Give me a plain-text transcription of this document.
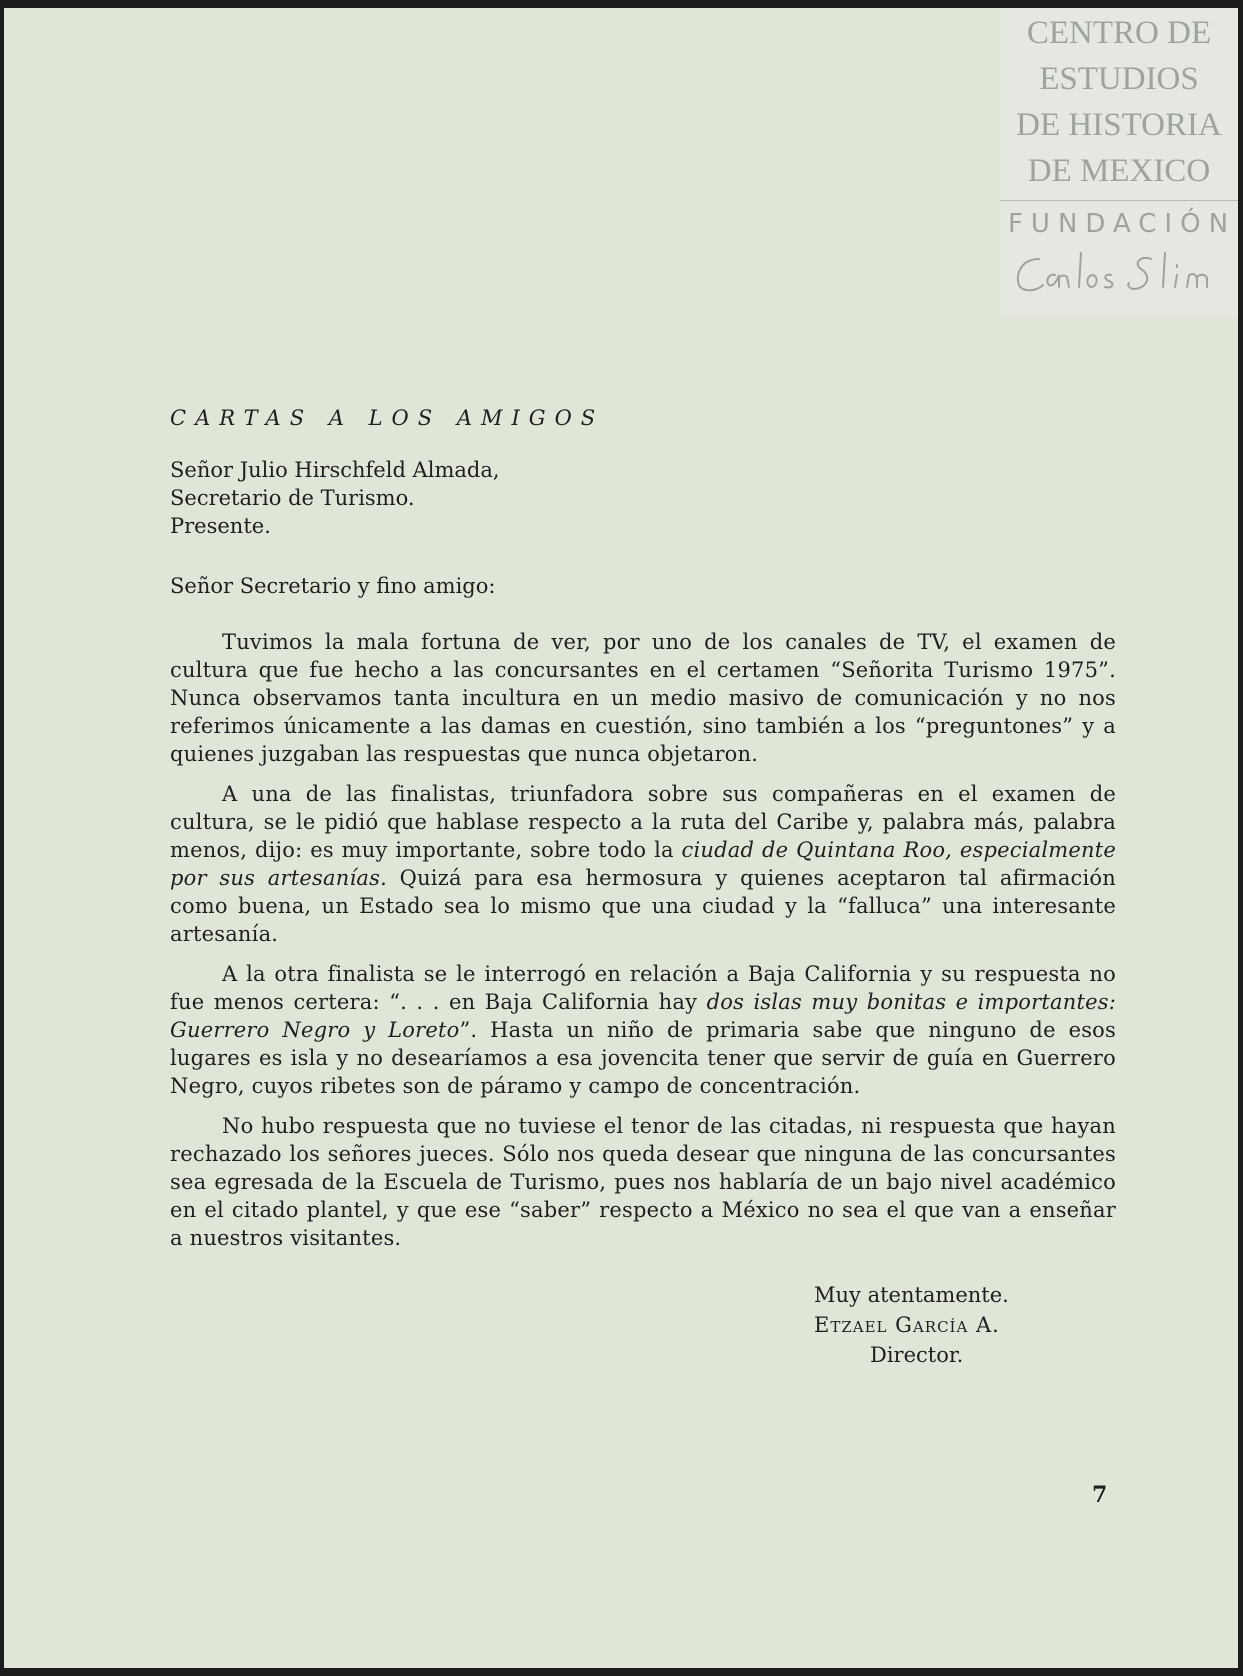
CENTRO DE
ESTUDIOS
DE HISTORIA
DE MEXICO
FUNDACIÓN

CARTAS A LOS AMIGOS

Señor Julio Hirschfeld Almada,

Secretario de Turismo.

Presente.

Señor Secretario y fino amigo:

Tuvimos la mala fortuna de ver, por uno de los canales de TV, el examen de cultura que fue hecho a las concursantes en el certamen “Señorita Turismo 1975”. Nunca observamos tanta incultura en un medio masivo de comunicación y no nos referimos únicamente a las damas en cuestión, sino también a los “preguntones” y a quienes juzgaban las respuestas que nunca objetaron.

A una de las finalistas, triunfadora sobre sus compañeras en el examen de cultura, se le pidió que hablase respecto a la ruta del Caribe y, palabra más, palabra menos, dijo: es muy importante, sobre todo la ciudad de Quintana Roo, especialmente por sus artesanías. Quizá para esa hermosura y quienes aceptaron tal afirmación como buena, un Estado sea lo mismo que una ciudad y la “falluca” una interesante artesanía.

A la otra finalista se le interrogó en relación a Baja California y su respuesta no fue menos certera: “. . . en Baja California hay dos islas muy bonitas e importantes: Guerrero Negro y Loreto”. Hasta un niño de primaria sabe que ninguno de esos lugares es isla y no desearíamos a esa jovencita tener que servir de guía en Guerrero Negro, cuyos ribetes son de páramo y campo de concentración.

No hubo respuesta que no tuviese el tenor de las citadas, ni respuesta que hayan rechazado los señores jueces. Sólo nos queda desear que ninguna de las concursantes sea egresada de la Escuela de Turismo, pues nos hablaría de un bajo nivel académico en el citado plantel, y que ese “saber” respecto a México no sea el que van a enseñar a nuestros visitantes.

Muy atentamente.

Etzael García A.

Director.

7
